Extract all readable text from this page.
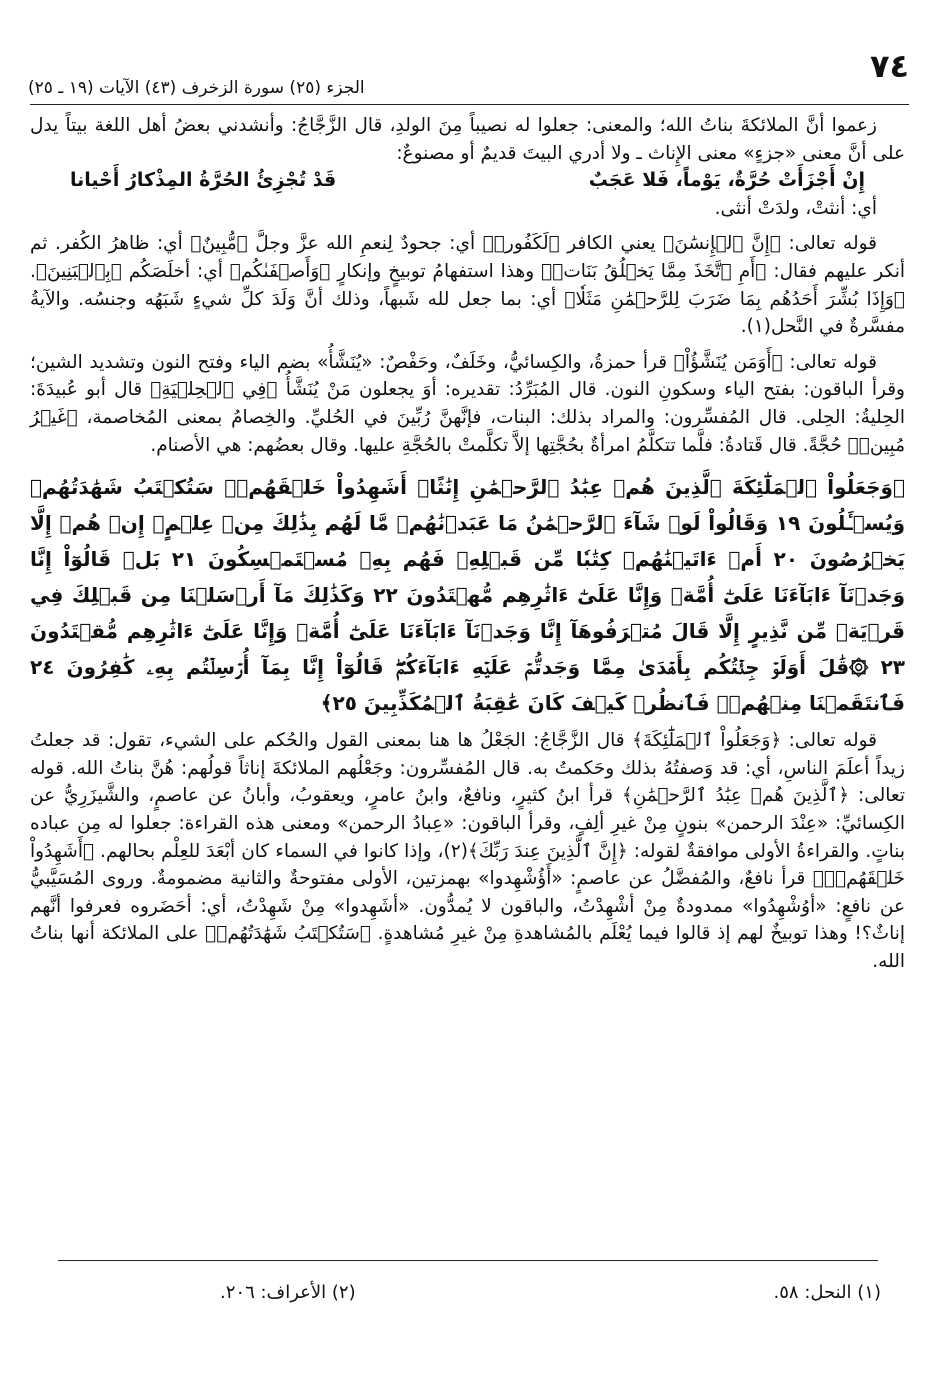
٧٤
الجزء (٢٥) سورة الزخرف (٤٣) الآيات (١٩ ـ ٢٥)

زعموا أنَّ الملائكةَ بناتُ الله؛ والمعنى: جعلوا له نصيباً مِنَ الولدِ، قال الزَّجَّاجُ: وأنشدني بعضُ أهل اللغة بيتاً يدل على أنَّ معنى «جزءٍ» معنى الإِناث ـ ولا أدري البيتَ قديمٌ أو مصنوعٌ:

إِنْ أَجْزَأَتْ حُرَّةٌ، يَوْماً، فَلا عَجَبٌ
قَدْ تُجْزِئُ الحُرَّةُ المِذْكارُ أَحْيانا

أي: أنثتْ، ولدَتْ أنثى.

قوله تعالى: ﴿إِنَّ ٱلۡإِنسَٰنَ﴾ يعني الكافر ﴿لَكَفُورٞ﴾ أي: جحودٌ لِنعمِ الله عزَّ وجلَّ ﴿مُّبِينٌ﴾ أي: ظاهرُ الكُفر. ثم أنكر عليهم فقال: ﴿أَمِ ٱتَّخَذَ مِمَّا يَخۡلُقُ بَنَاتٖ﴾ وهذا استفهامُ توبيخٍ وإنكارٍ ﴿وَأَصۡفَىٰكُم﴾ أي: أخلَصَكُم ﴿بِٱلۡبَنِينَ﴾. ﴿وَإِذَا بُشِّرَ أَحَدُهُم بِمَا ضَرَبَ لِلرَّحۡمَٰنِ مَثَلٗا﴾ أي: بما جعل لله شَبهاً، وذلك أنَّ وَلَدَ كلِّ شيءٍ شَبَهُه وجنسُه. والآيةُ مفسَّرةٌ في النَّحل(١).

قوله تعالى: ﴿أَوَمَن يُنَشَّؤُاْ﴾ قرأ حمزةُ، والكِسائيُّ، وخَلَفٌ، وحَفْصٌ: «يُنَشَّأُ» بضم الياء وفتح النون وتشديد الشين؛ وقرأ الباقون: بفتح الياء وسكونِ النون. قال المُبَرِّدُ: تقديره: أوَ يجعلون مَنْ يُنَشَّأُ ﴿فِي ٱلۡحِلۡيَةِ﴾ قال أبو عُبيدَةَ: الحِليةُ: الحِلى. قال المُفسِّرون: والمراد بذلك: البنات، فإنَّهنَّ رُبِّينَ في الحُليِّ. والخِصامُ بمعنى المُخاصمة، ﴿غَيۡرُ مُبِينٖ﴾ حُجَّةً. قال قَتادةُ: فلَّما تتكلَّمُ امرأةٌ بحُجَّتِها إلاَّ تكلَّمتْ بالحُجَّةِ عليها. وقال بعضُهم: هي الأصنام.

﴿وَجَعَلُواْ ٱلۡمَلَٰٓئِكَةَ ٱلَّذِينَ هُمۡ عِبَٰدُ ٱلرَّحۡمَٰنِ إِنَٰثًاۚ أَشَهِدُواْ خَلۡقَهُمۡۚ سَتُكۡتَبُ شَهَٰدَتُهُمۡ وَيُسۡـَٔلُونَ ١٩ وَقَالُواْ لَوۡ شَآءَ ٱلرَّحۡمَٰنُ مَا عَبَدۡنَٰهُمۗ مَّا لَهُم بِذَٰلِكَ مِنۡ عِلۡمٍۖ إِنۡ هُمۡ إِلَّا يَخۡرُصُونَ ٢٠ أَمۡ ءَاتَيۡنَٰهُمۡ كِتَٰبٗا مِّن قَبۡلِهِۦ فَهُم بِهِۦ مُسۡتَمۡسِكُونَ ٢١ بَلۡ قَالُوٓاْ إِنَّا وَجَدۡنَآ ءَابَآءَنَا عَلَىٰٓ أُمَّةٖ وَإِنَّا عَلَىٰٓ ءَاثَٰرِهِم مُّهۡتَدُونَ ٢٢ وَكَذَٰلِكَ مَآ أَرۡسَلۡنَا مِن قَبۡلِكَ فِي قَرۡيَةٖ مِّن نَّذِيرٍ إِلَّا قَالَ مُتۡرَفُوهَآ إِنَّا وَجَدۡنَآ ءَابَآءَنَا عَلَىٰٓ أُمَّةٖ وَإِنَّا عَلَىٰٓ ءَاثَٰرِهِم مُّقۡتَدُونَ ٢٣ ۞قَٰلَ أَوَلَوۡ جِئۡتُكُم بِأَهۡدَىٰ مِمَّا وَجَدتُّمۡ عَلَيۡهِ ءَابَآءَكُمۡۖ قَالُوٓاْ إِنَّا بِمَآ أُرۡسِلۡتُم بِهِۦ كَٰفِرُونَ ٢٤ فَٱنتَقَمۡنَا مِنۡهُمۡۖ فَٱنظُرۡ كَيۡفَ كَانَ عَٰقِبَةُ ٱلۡمُكَذِّبِينَ ٢٥﴾

قوله تعالى: ﴿وَجَعَلُواْ ٱلۡمَلَٰٓئِكَةَ﴾ قال الزَّجَّاجُ: الجَعْلُ ها هنا بمعنى القول والحُكم على الشيء، تقول: قد جعلتُ زيداً أعلَمَ الناسِ، أي: قد وَصفتُهُ بذلك وحَكمتُ به. قال المُفسِّرون: وجَعْلُهم الملائكةَ إناثاً قولُهم: هُنَّ بناتُ الله. قوله تعالى: ﴿ٱلَّذِينَ هُمۡ عِبَٰدُ ٱلرَّحۡمَٰنِ﴾ قرأ ابنُ كثيرٍ، ونافعٌ، وابنُ عامرٍ، ويعقوبُ، وأبانُ عن عاصمٍ، والشَّيزَرِيُّ عن الكِسائيِّ: «عِنْدَ الرحمن» بنونٍ مِنْ غيرِ ألِفٍ، وقرأ الباقون: «عِبادُ الرحمن» ومعنى هذه القراءة: جعلوا له مِن عباده بناتٍ. والقراءةُ الأولى موافقةٌ لقوله: ﴿إِنَّ ٱلَّذِينَ عِندَ رَبِّكَ﴾(٢)، وإذا كانوا في السماء كان أبْعَدَ للعِلْم بحالهم. ﴿أَشَهِدُواْ خَلۡقَهُمۡۚ﴾ قرأ نافعٌ، والمُفضَّلُ عن عاصمٍ: «أَؤُشْهِدوا» بهمزتين، الأولى مفتوحةٌ والثانية مضمومةٌ. وروى المُسَيَّبيُّ عن نافعٍ: «أوُشْهِدُوا» ممدودةٌ مِنْ أشْهِدْتُ، والباقون لا يُمدُّون. «أشَهِدوا» مِنْ شَهِدْتُ، أي: أحَضَروه فعرفوا أنَّهم إناثٌ؟! وهذا توبيخٌ لهم إذ قالوا فيما يُعْلَم بالمُشاهدةِ مِنْ غيرِ مُشاهدةٍ. ﴿سَتُكۡتَبُ شَهَٰدَتُهُمۡ﴾ على الملائكة أنها بناتُ الله.

(١) النحل: ٥٨.
(٢) الأعراف: ٢٠٦.
